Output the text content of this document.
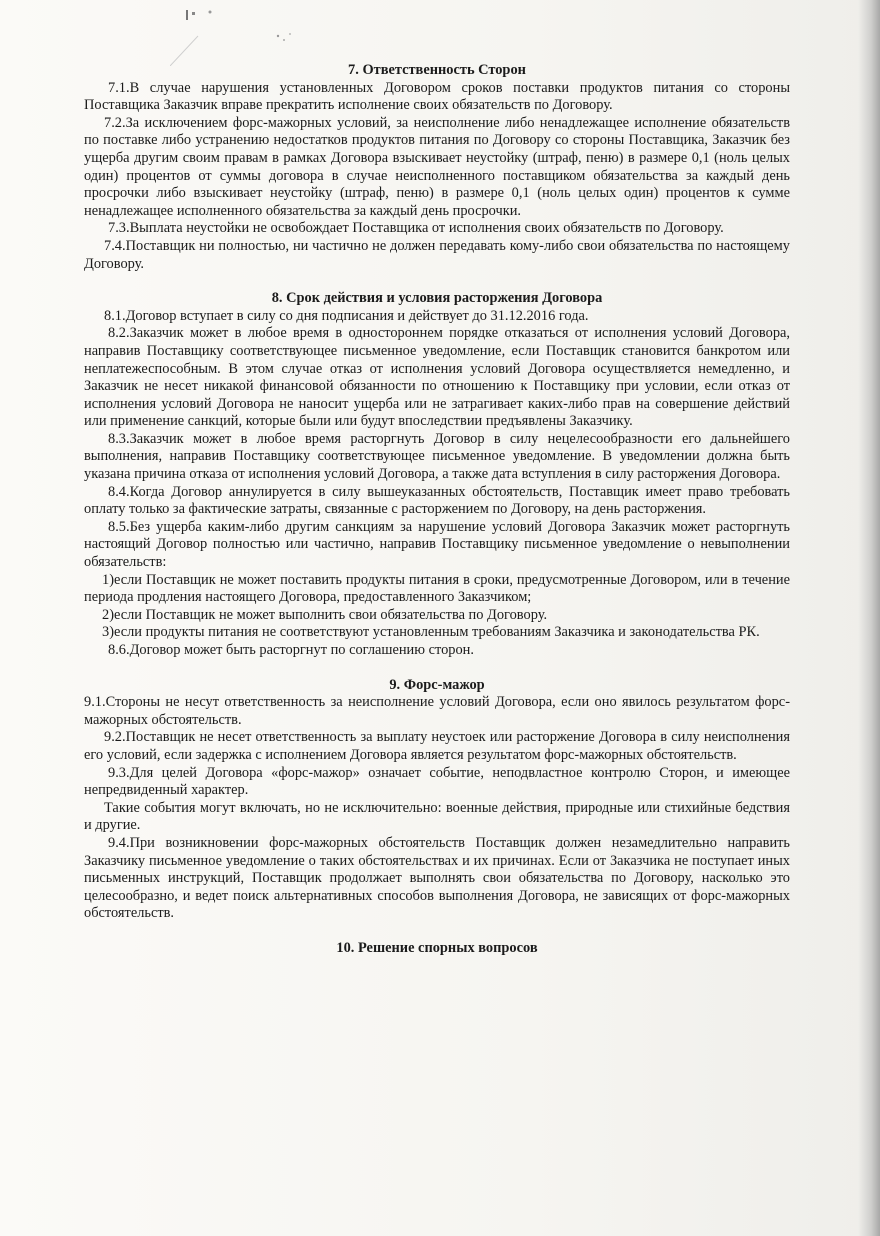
7. Ответственность Сторон

7.1.В случае нарушения установленных Договором сроков поставки продуктов питания со стороны Поставщика Заказчик вправе прекратить исполнение своих обязательств по Договору.

7.2.За исключением форс-мажорных условий, за неисполнение либо ненадлежащее исполнение обязательств по поставке либо устранению недостатков продуктов питания по Договору со стороны Поставщика, Заказчик без ущерба другим своим правам в рамках Договора взыскивает неустойку (штраф, пеню) в размере 0,1 (ноль целых один) процентов от суммы договора в случае неисполненного поставщиком обязательства за каждый день просрочки либо взыскивает неустойку (штраф, пеню) в размере 0,1 (ноль целых один) процентов к сумме ненадлежащее исполненного обязательства за каждый день просрочки.

7.3.Выплата неустойки не освобождает Поставщика от исполнения своих обязательств по Договору.

7.4.Поставщик ни полностью, ни частично не должен передавать кому-либо свои обязательства по настоящему Договору.

8. Срок действия и условия расторжения Договора

8.1.Договор вступает в силу со дня подписания и действует до 31.12.2016 года.

8.2.Заказчик может в любое время в одностороннем порядке отказаться от исполнения условий Договора, направив Поставщику соответствующее письменное уведомление, если Поставщик становится банкротом или неплатежеспособным. В этом случае отказ от исполнения условий Договора осуществляется немедленно, и Заказчик не несет никакой финансовой обязанности по отношению к Поставщику при условии, если отказ от исполнения условий Договора не наносит ущерба или не затрагивает каких-либо прав на совершение действий или применение санкций, которые были или будут впоследствии предъявлены Заказчику.

8.3.Заказчик может в любое время расторгнуть Договор в силу нецелесообразности его дальнейшего выполнения, направив Поставщику соответствующее письменное уведомление. В уведомлении должна быть указана причина отказа от исполнения условий Договора, а также дата вступления в силу расторжения Договора.

8.4.Когда Договор аннулируется в силу вышеуказанных обстоятельств, Поставщик имеет право требовать оплату только за фактические затраты, связанные с расторжением по Договору, на день расторжения.

8.5.Без ущерба каким-либо другим санкциям за нарушение условий Договора Заказчик может расторгнуть настоящий Договор полностью или частично, направив Поставщику письменное уведомление о невыполнении обязательств:

1)если Поставщик не может поставить продукты питания в сроки, предусмотренные Договором, или в течение периода продления настоящего Договора, предоставленного Заказчиком;

2)если Поставщик не может выполнить свои обязательства по Договору.

3)если продукты питания не соответствуют установленным требованиям Заказчика и законодательства РК.

8.6.Договор может быть расторгнут по соглашению сторон.

9. Форс-мажор

9.1.Стороны не несут ответственность за неисполнение условий Договора, если оно явилось результатом форс-мажорных обстоятельств.

9.2.Поставщик не несет ответственность за выплату неустоек или расторжение Договора в силу неисполнения его условий, если задержка с исполнением Договора является результатом форс-мажорных обстоятельств.

9.3.Для целей Договора «форс-мажор» означает событие, неподвластное контролю Сторон, и имеющее непредвиденный характер.

Такие события могут включать, но не исключительно: военные действия, природные или стихийные бедствия и другие.

9.4.При возникновении форс-мажорных обстоятельств Поставщик должен незамедлительно направить Заказчику письменное уведомление о таких обстоятельствах и их причинах. Если от Заказчика не поступает иных письменных инструкций, Поставщик продолжает выполнять свои обязательства по Договору, насколько это целесообразно, и ведет поиск альтернативных способов выполнения Договора, не зависящих от форс-мажорных обстоятельств.

10. Решение спорных вопросов
